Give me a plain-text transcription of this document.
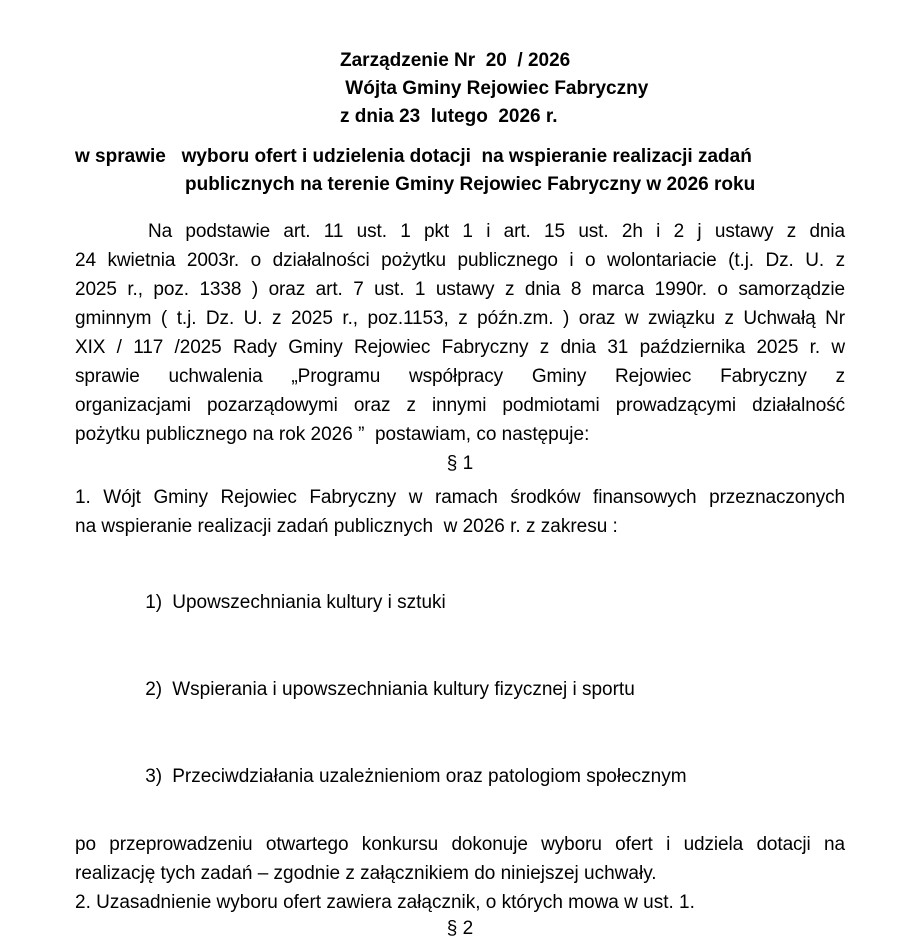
Zarządzenie Nr  20  / 2026
Wójta Gminy Rejowiec Fabryczny
z dnia 23  lutego  2026 r.
w sprawie   wyboru ofert i udzielenia dotacji  na wspieranie realizacji zadań
publicznych na terenie Gminy Rejowiec Fabryczny w 2026 roku
Na podstawie art. 11 ust. 1 pkt 1 i art. 15 ust. 2h i 2 j ustawy z dnia
24 kwietnia 2003r. o działalności pożytku publicznego i o wolontariacie (t.j. Dz. U. z
2025 r., poz. 1338 ) oraz art. 7 ust. 1 ustawy z dnia 8 marca 1990r. o samorządzie
gminnym ( t.j. Dz. U. z 2025 r., poz.1153, z późn.zm. ) oraz w związku z Uchwałą Nr
XIX / 117 /2025 Rady Gminy Rejowiec Fabryczny z dnia 31 października 2025 r. w
sprawie uchwalenia „Programu współpracy Gminy Rejowiec Fabryczny z
organizacjami pozarządowymi oraz z innymi podmiotami prowadzącymi działalność
pożytku publicznego na rok 2026 ”  postawiam, co następuje:
§ 1
1. Wójt Gminy Rejowiec Fabryczny w ramach środków finansowych przeznaczonych
na wspieranie realizacji zadań publicznych  w 2026 r. z zakresu :

1) Upowszechniania kultury i sztuki

2) Wspierania i upowszechniania kultury fizycznej i sportu

3) Przeciwdziałania uzależnieniom oraz patologiom społecznym

po przeprowadzeniu otwartego konkursu dokonuje wyboru ofert i udziela dotacji na
realizację tych zadań – zgodnie z załącznikiem do niniejszej uchwały.
2. Uzasadnienie wyboru ofert zawiera załącznik, o których mowa w ust. 1.
§ 2
